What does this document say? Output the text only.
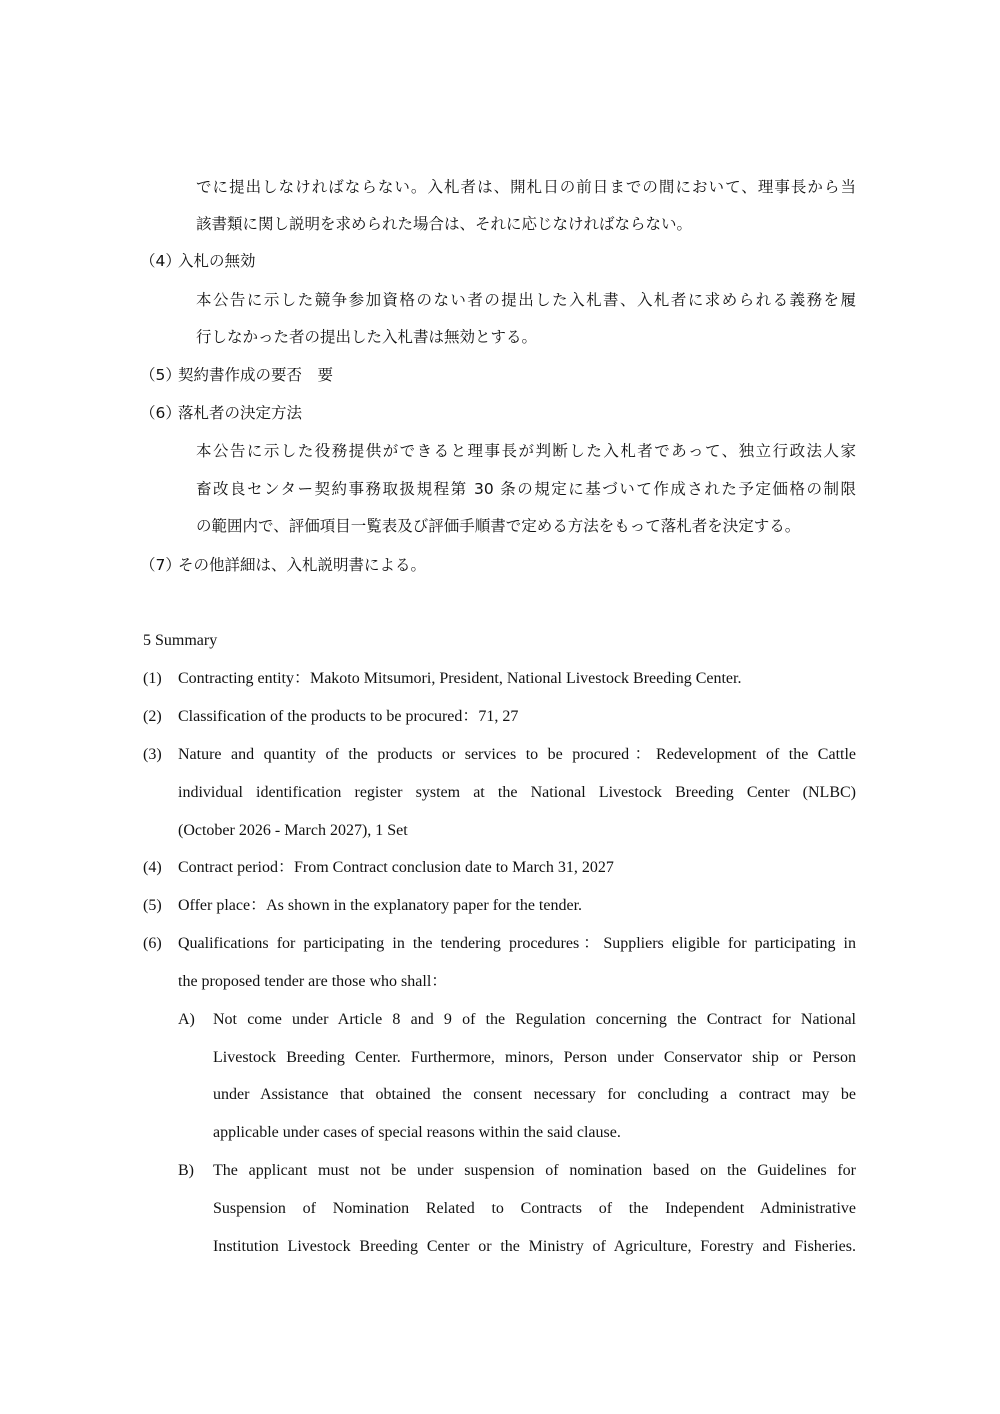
でに提出しなければならない。入札者は、開札日の前日までの間において、理事長から当
該書類に関し説明を求められた場合は、それに応じなければならない。
（4）
入札の無効
本公告に示した競争参加資格のない者の提出した入札書、入札者に求められる義務を履
行しなかった者の提出した入札書は無効とする。
（5）
契約書作成の要否　要
（6）
落札者の決定方法
本公告に示した役務提供ができると理事長が判断した入札者であって、独立行政法人家
畜改良センター契約事務取扱規程第 30 条の規定に基づいて作成された予定価格の制限
の範囲内で、評価項目一覧表及び評価手順書で定める方法をもって落札者を決定する。
（7）
その他詳細は、入札説明書による。
5 Summary
(1) Contracting entity：Makoto Mitsumori, President, National Livestock Breeding Center.
(2) Classification of the products to be procured：71, 27
(3) Nature and quantity of the products or services to be procured：Redevelopment of the Cattle
individual identification register system at the National Livestock Breeding Center (NLBC)
(October 2026 - March 2027), 1 Set
(4) Contract period：From Contract conclusion date to March 31, 2027
(5) Offer place：As shown in the explanatory paper for the tender.
(6) Qualifications for participating in the tendering procedures：Suppliers eligible for participating in
the proposed tender are those who shall：
A) Not come under Article 8 and 9 of the Regulation concerning the Contract for National
Livestock Breeding Center. Furthermore, minors, Person under Conservator ship or Person
under Assistance that obtained the consent necessary for concluding a contract may be
applicable under cases of special reasons within the said clause.
B) The applicant must not be under suspension of nomination based on the Guidelines for
Suspension of Nomination Related to Contracts of the Independent Administrative
Institution Livestock Breeding Center or the Ministry of Agriculture, Forestry and Fisheries.
